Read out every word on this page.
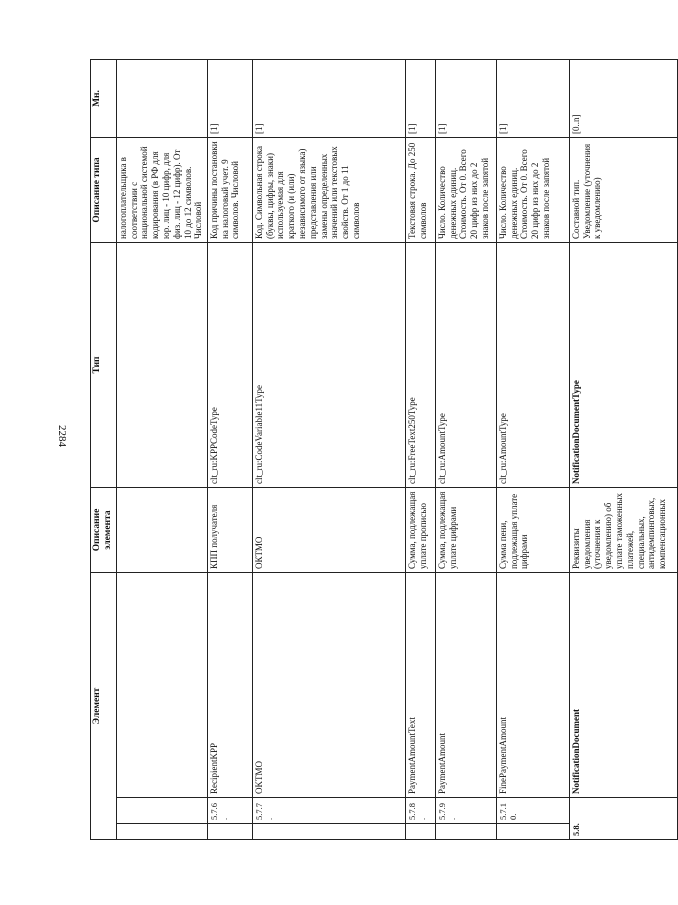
2284
Элемент			Описание элемента	Тип	Описание типа	Мн.
					налогоплательщика в соответствии с национальной системой кодирования (в РФ для юр. лиц - 10 цифр, для физ. лиц - 12 цифр). От 10 до 12 символов. Числовой	
	5.7.6.	RecipientKPP	КПП получателя	clt_ru:KPPCodeType	Код причины постановки на налоговый учет. 9 символов. Числовой	[1]
	5.7.7.	OKTMO	ОКТМО	clt_ru:CodeVariable11Type	Код. Символьная строка (буквы, цифры, знаки) используемая для краткого (и (или) независимого от языка) представления или замены определенных значений или текстовых свойств. От 1 до 11 символов	[1]
	5.7.8.	PaymentAmountText	Сумма, подлежащая уплате прописью	clt_ru:FreeText250Type	Текстовая строка. До 250 символов	[1]
	5.7.9.	PaymentAmount	Сумма, подлежащая уплате цифрами	clt_ru:AmountType	Число. Количество денежных единиц. Стоимость. От 0. Всего 20 цифр из них до 2 знаков после запятой	[1]
	5.7.10.	FinePaymentAmount	Сумма пени, подлежащая уплате цифрами	clt_ru:AmountType	Число. Количество денежных единиц. Стоимость. От 0. Всего 20 цифр из них до 2 знаков после запятой	[1]
5.8.		NotificationDocument	Реквизиты уведомления (уточнения к уведомлению) об уплате таможенных платежей, специальных, антидемпинговых, компенсационных	NotificationDocumentType	Составной тип. Уведомление (уточнения к уведомлению)	[0..n]
